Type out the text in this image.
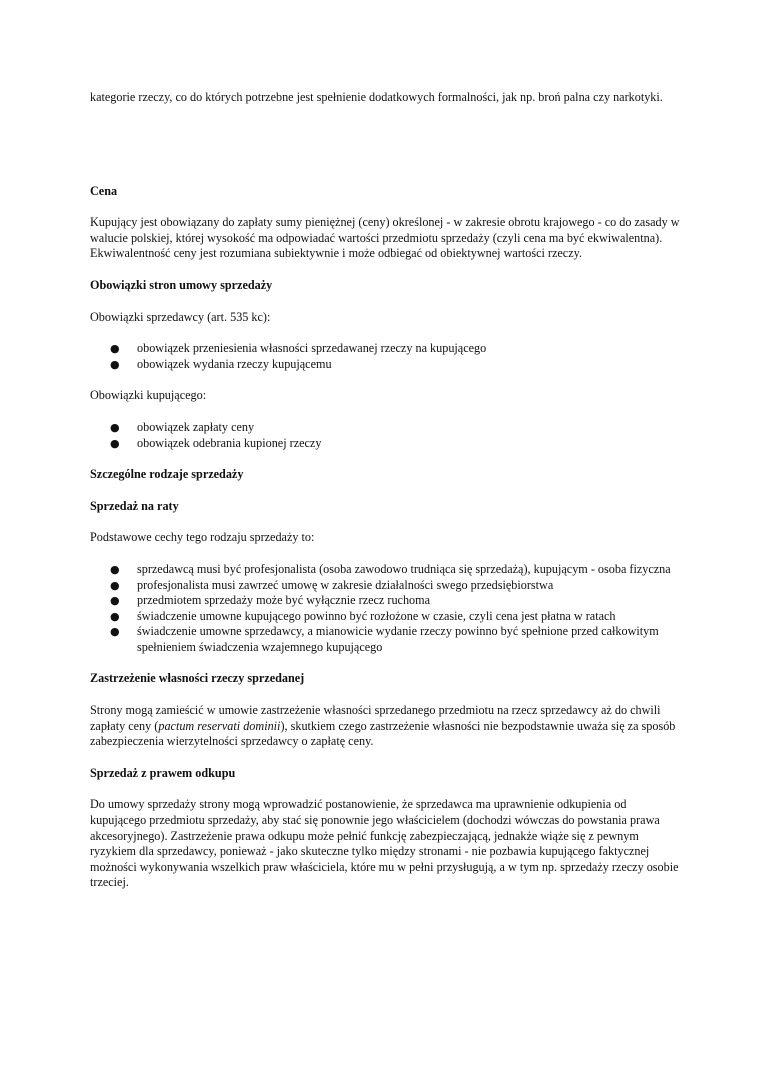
kategorie rzeczy, co do których potrzebne jest spełnienie dodatkowych formalności, jak np. broń palna czy narkotyki.

Cena

Kupujący jest obowiązany do zapłaty sumy pieniężnej (ceny) określonej - w zakresie obrotu krajowego - co do zasady w walucie polskiej, której wysokość ma odpowiadać wartości przedmiotu sprzedaży (czyli cena ma być ekwiwalentna). Ekwiwalentność ceny jest rozumiana subiektywnie i może odbiegać od obiektywnej wartości rzeczy.

Obowiązki stron umowy sprzedaży

Obowiązki sprzedawcy (art. 535 kc):

● obowiązek przeniesienia własności sprzedawanej rzeczy na kupującego
● obowiązek wydania rzeczy kupującemu

Obowiązki kupującego:

● obowiązek zapłaty ceny
● obowiązek odebrania kupionej rzeczy

Szczególne rodzaje sprzedaży

Sprzedaż na raty

Podstawowe cechy tego rodzaju sprzedaży to:

● sprzedawcą musi być profesjonalista (osoba zawodowo trudniąca się sprzedażą), kupującym - osoba fizyczna
● profesjonalista musi zawrzeć umowę w zakresie działalności swego przedsiębiorstwa
● przedmiotem sprzedaży może być wyłącznie rzecz ruchoma
● świadczenie umowne kupującego powinno być rozłożone w czasie, czyli cena jest płatna w ratach
● świadczenie umowne sprzedawcy, a mianowicie wydanie rzeczy powinno być spełnione przed całkowitym spełnieniem świadczenia wzajemnego kupującego

Zastrzeżenie własności rzeczy sprzedanej

Strony mogą zamieścić w umowie zastrzeżenie własności sprzedanego przedmiotu na rzecz sprzedawcy aż do chwili zapłaty ceny (pactum reservati dominii), skutkiem czego zastrzeżenie własności nie bezpodstawnie uważa się za sposób zabezpieczenia wierzytelności sprzedawcy o zapłatę ceny.

Sprzedaż z prawem odkupu

Do umowy sprzedaży strony mogą wprowadzić postanowienie, że sprzedawca ma uprawnienie odkupienia od kupującego przedmiotu sprzedaży, aby stać się ponownie jego właścicielem (dochodzi wówczas do powstania prawa akcesoryjnego). Zastrzeżenie prawa odkupu może pełnić funkcję zabezpieczającą, jednakże wiąże się z pewnym ryzykiem dla sprzedawcy, ponieważ - jako skuteczne tylko między stronami - nie pozbawia kupującego faktycznej możności wykonywania wszelkich praw właściciela, które mu w pełni przysługują, a w tym np. sprzedaży rzeczy osobie trzeciej.
